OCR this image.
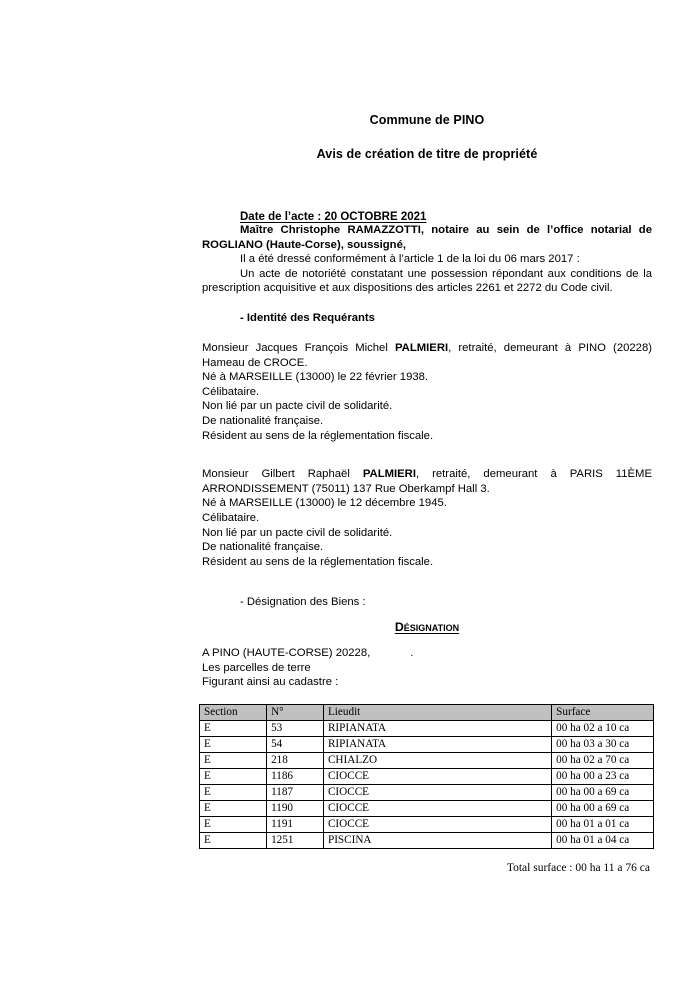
Commune de PINO
Avis de création de titre de propriété
Date de l’acte : 20 OCTOBRE 2021

Maître Christophe RAMAZZOTTI, notaire au sein de l’office notarial de ROGLIANO (Haute-Corse), soussigné,

Il a été dressé conformément à l’article 1 de la loi du 06 mars 2017 :

Un acte de notoriété constatant une possession répondant aux conditions de la prescription acquisitive et aux dispositions des articles 2261 et 2272 du Code civil.

- Identité des Requérants

Monsieur Jacques François Michel PALMIERI, retraité, demeurant à PINO (20228) Hameau de CROCE.

Né à MARSEILLE (13000) le 22 février 1938.

Célibataire.

Non lié par un pacte civil de solidarité.

De nationalité française.

Résident au sens de la réglementation fiscale.

Monsieur Gilbert Raphaël PALMIERI, retraité, demeurant à PARIS 11ÈME ARRONDISSEMENT (75011) 137 Rue Oberkampf Hall 3.

Né à MARSEILLE (13000) le 12 décembre 1945.

Célibataire.

Non lié par un pacte civil de solidarité.

De nationalité française.

Résident au sens de la réglementation fiscale.

- Désignation des Biens :
Désignation
A PINO (HAUTE-CORSE) 20228,	.
Les parcelles de terre
Figurant ainsi au cadastre :
Section	N°	Lieudit	Surface
E	53	RIPIANATA	00 ha 02 a 10 ca
E	54	RIPIANATA	00 ha 03 a 30 ca
E	218	CHIALZO	00 ha 02 a 70 ca
E	1186	CIOCCE	00 ha 00 a 23 ca
E	1187	CIOCCE	00 ha 00 a 69 ca
E	1190	CIOCCE	00 ha 00 a 69 ca
E	1191	CIOCCE	00 ha 01 a 01 ca
E	1251	PISCINA	00 ha 01 a 04 ca
Total surface : 00 ha 11 a 76 ca
